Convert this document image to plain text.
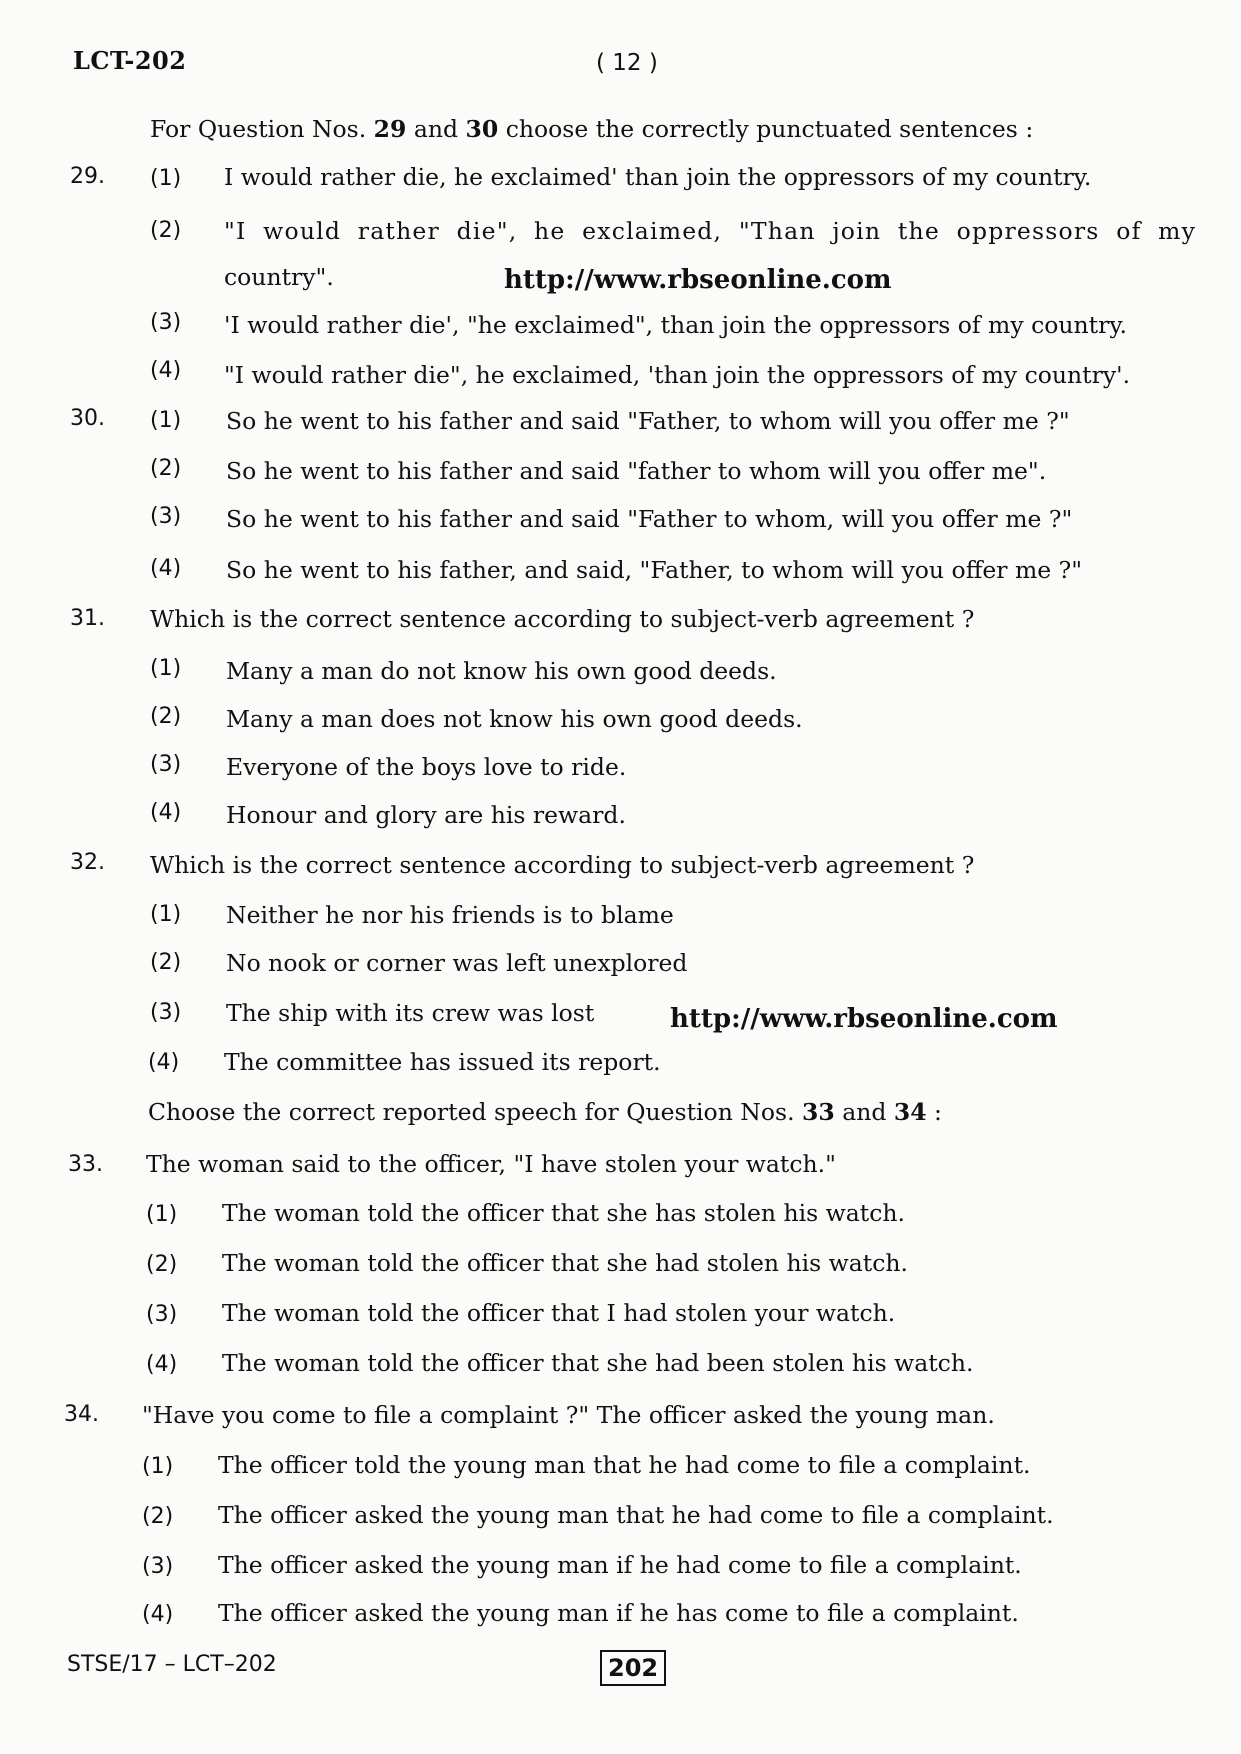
LCT-202	( 12 )
For Question Nos. 29 and 30 choose the correctly punctuated sentences :
29. (1) I would rather die, he exclaimed' than join the oppressors of my country.
(2) "I would rather die", he exclaimed, "Than join the oppressors of my
country".	http://www.rbseonline.com
(3) 'I would rather die', "he exclaimed", than join the oppressors of my country.
(4) "I would rather die", he exclaimed, 'than join the oppressors of my country'.
30. (1) So he went to his father and said "Father, to whom will you offer me ?"
(2) So he went to his father and said "father to whom will you offer me".
(3) So he went to his father and said "Father to whom, will you offer me ?"
(4) So he went to his father, and said, "Father, to whom will you offer me ?"
31. Which is the correct sentence according to subject-verb agreement ?
(1) Many a man do not know his own good deeds.
(2) Many a man does not know his own good deeds.
(3) Everyone of the boys love to ride.
(4) Honour and glory are his reward.
32. Which is the correct sentence according to subject-verb agreement ?
(1) Neither he nor his friends is to blame
(2) No nook or corner was left unexplored
(3) The ship with its crew was lost	http://www.rbseonline.com
(4) The committee has issued its report.
Choose the correct reported speech for Question Nos. 33 and 34 :
33. The woman said to the officer, "I have stolen your watch."
(1) The woman told the officer that she has stolen his watch.
(2) The woman told the officer that she had stolen his watch.
(3) The woman told the officer that I had stolen your watch.
(4) The woman told the officer that she had been stolen his watch.
34. "Have you come to file a complaint ?" The officer asked the young man.
(1) The officer told the young man that he had come to file a complaint.
(2) The officer asked the young man that he had come to file a complaint.
(3) The officer asked the young man if he had come to file a complaint.
(4) The officer asked the young man if he has come to file a complaint.
STSE/17 – LCT–202	202
